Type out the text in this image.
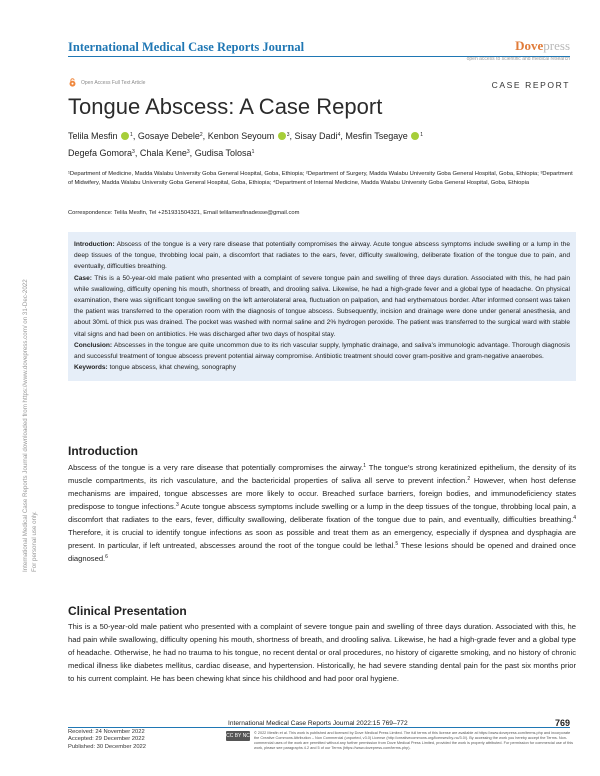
International Medical Case Reports Journal	Dovepress
open access to scientific and medical research
Open Access Full Text Article	CASE REPORT
Tongue Abscess: A Case Report
Telila Mesfin	$^1$, Gosaye Debele$^2$, Kenbon Seyoum	$^3$, Sisay Dadi$^4$, Mesfin Tsegaye	$^1$
Degefa Gomora$^3$, Chala Kene$^3$, Gudisa Tolosa$^1$
¹Department of Medicine, Madda Walabu University Goba General Hospital, Goba, Ethiopia; ²Department of Surgery, Madda Walabu University Goba General Hospital, Goba, Ethiopia; ³Department of Midwifery, Madda Walabu University Goba General Hospital, Goba, Ethiopia; ⁴Department of Internal Medicine, Madda Walabu University Goba General Hospital, Goba, Ethiopia
Correspondence: Telila Mesfin, Tel +251931504321, Email telilamesfinadesse@gmail.com
Introduction: Abscess of the tongue is a very rare disease that potentially compromises the airway. Acute tongue abscess symptoms include swelling or a lump in the deep tissues of the tongue, throbbing local pain, a discomfort that radiates to the ears, fever, difficulty swallowing, deliberate fixation of the tongue due to pain, and eventually, difficulties breathing.
Case: This is a 50-year-old male patient who presented with a complaint of severe tongue pain and swelling of three days duration. Associated with this, he had pain while swallowing, difficulty opening his mouth, shortness of breath, and drooling saliva. Likewise, he had a high-grade fever and a global type of headache. On physical examination, there was significant tongue swelling on the left anterolateral area, fluctuation on palpation, and had erythematous border. After informed consent was taken the patient was transferred to the operation room with the diagnosis of tongue abscess. Subsequently, incision and drainage were done under general anesthesia, and about 30mL of thick pus was drained. The pocket was washed with normal saline and 2% hydrogen peroxide. The patient was transferred to the surgical ward with stable vital signs and had been on antibiotics. He was discharged after two days of hospital stay.
Conclusion: Abscesses in the tongue are quite uncommon due to its rich vascular supply, lymphatic drainage, and saliva’s immunologic advantage. Thorough diagnosis and successful treatment of tongue abscess prevent potential airway compromise. Antibiotic treatment should cover gram-positive and gram-negative anaerobes.
Keywords: tongue abscess, khat chewing, sonography
International Medical Case Reports Journal downloaded from https://www.dovepress.com/ on 31-Dec-2022 For personal use only.
Introduction
Abscess of the tongue is a very rare disease that potentially compromises the airway.$^1$ The tongue’s strong keratinized epithelium, the density of its muscle compartments, its rich vasculature, and the bactericidal properties of saliva all serve to prevent infection.$^2$ However, when host defense mechanisms are impaired, tongue abscesses are more likely to occur. Breached surface barriers, foreign bodies, and immunodeficiency states predispose to tongue infections.$^3$ Acute tongue abscess symptoms include swelling or a lump in the deep tissues of the tongue, throbbing local pain, a discomfort that radiates to the ears, fever, difficulty swallowing, deliberate fixation of the tongue due to pain, and eventually, difficulties breathing.$^4$ Therefore, it is crucial to identify tongue infections as soon as possible and treat them as an emergency, especially if dyspnea and dysphagia are present. In particular, if left untreated, abscesses around the root of the tongue could be lethal.$^5$ These lesions should be opened and drained once diagnosed.$^6$
Clinical Presentation
This is a 50-year-old male patient who presented with a complaint of severe tongue pain and swelling of three days duration. Associated with this, he had pain while swallowing, difficulty opening his mouth, shortness of breath, and drooling saliva. Likewise, he had a high-grade fever and a global type of headache. Otherwise, he had no trauma to his tongue, no recent dental or oral procedures, no history of cigarette smoking, and no history of chronic medical illness like diabetes mellitus, cardiac disease, and hypertension. Historically, he had severe standing dental pain for the past six months prior to his current complaint. He has been chewing khat since his childhood and had poor oral hygiene.
International Medical Case Reports Journal 2022:15 769–772	769
Received: 24 November 2022
Accepted: 29 December 2022
Published: 30 December 2022
CC BY NC © 2022 Mesfin et al. This work is published and licensed by Dove Medical Press Limited. The full terms of this license are available at https://www.dovepress.com/terms.php and incorporate the Creative Commons Attribution – Non Commercial (unported, v3.0) License (http://creativecommons.org/licenses/by-nc/3.0/). By accessing the work you hereby accept the Terms. Non-commercial uses of the work are permitted without any further permission from Dove Medical Press Limited, provided the work is properly attributed. For permission for commercial use of this work, please see paragraphs 4.2 and 5 of our Terms (https://www.dovepress.com/terms.php).
